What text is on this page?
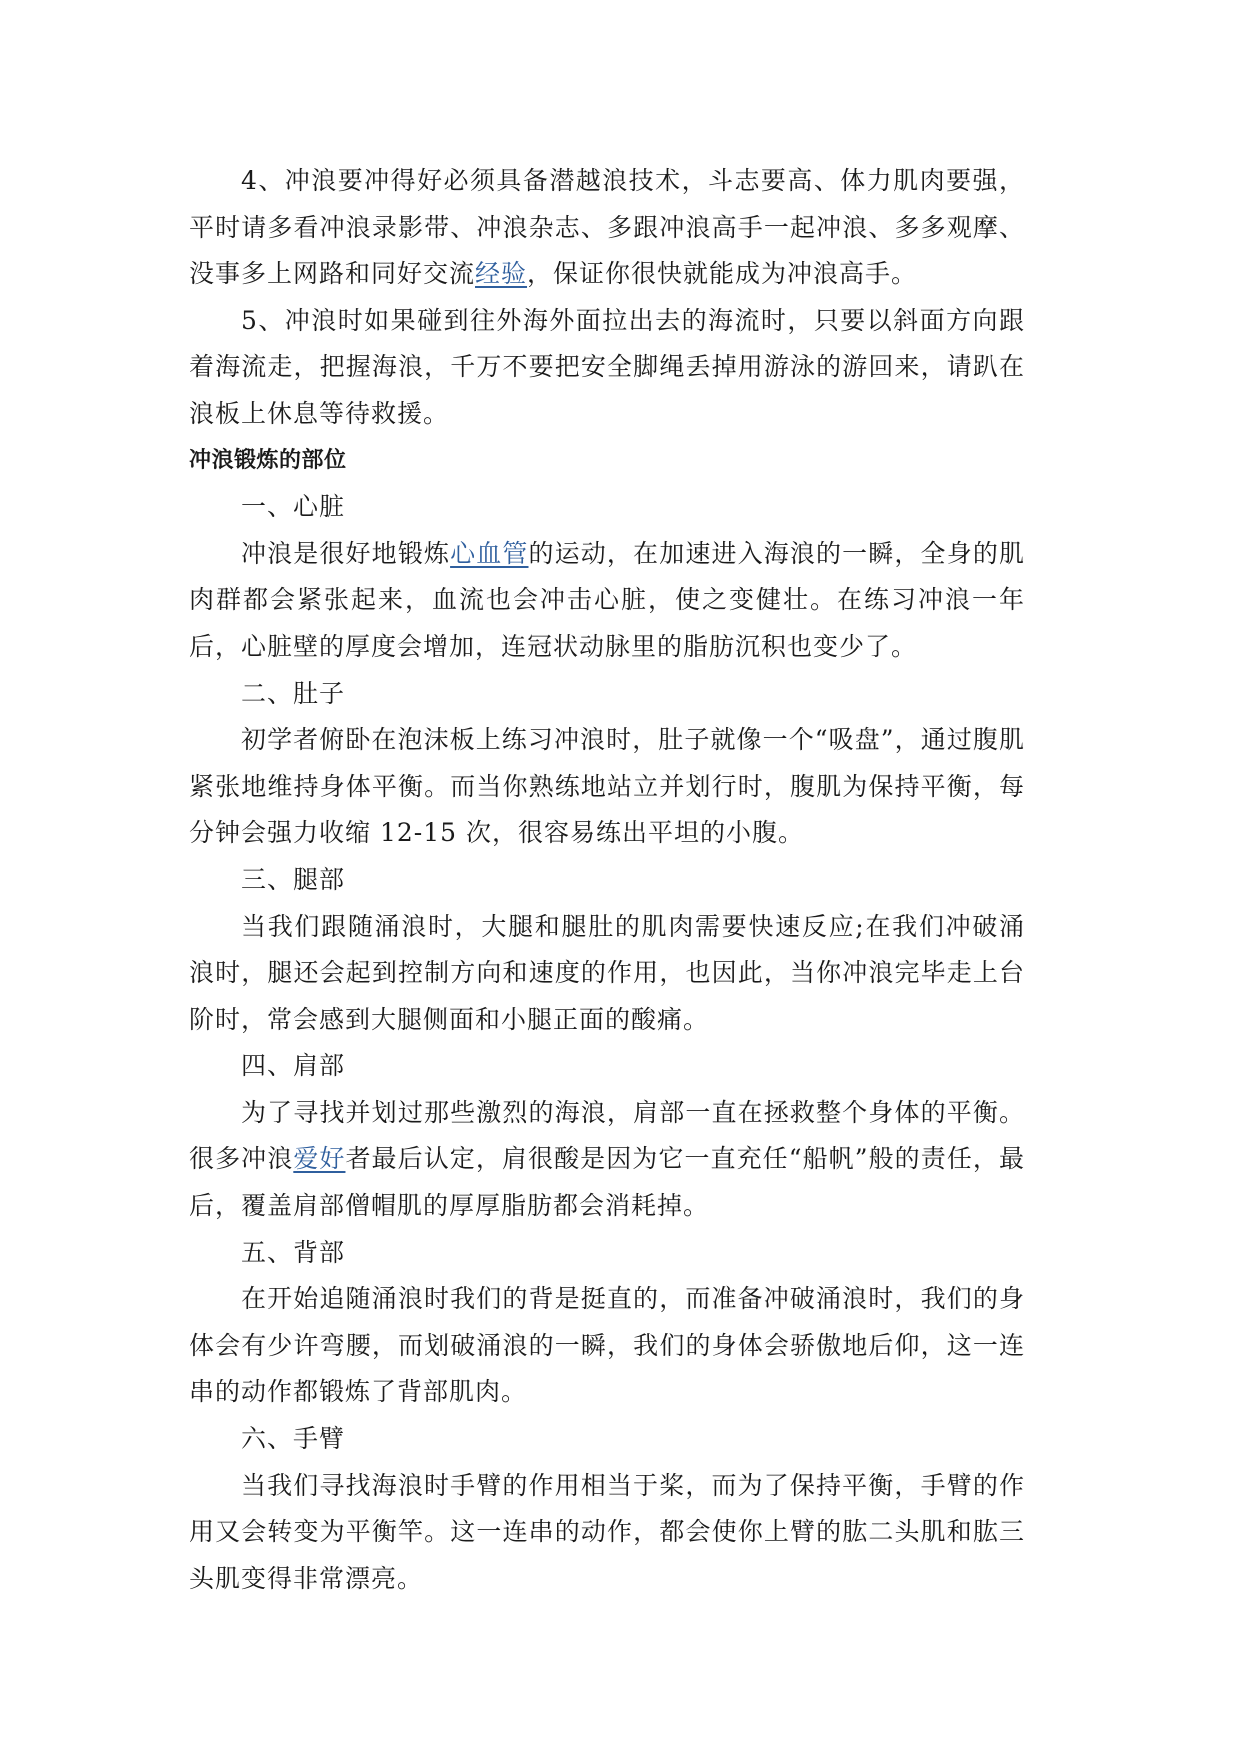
4、冲浪要冲得好必须具备潜越浪技术，斗志要高、体力肌肉要强，平时请多看冲浪录影带、冲浪杂志、多跟冲浪高手一起冲浪、多多观摩、没事多上网路和同好交流经验，保证你很快就能成为冲浪高手。

5、冲浪时如果碰到往外海外面拉出去的海流时，只要以斜面方向跟着海流走，把握海浪，千万不要把安全脚绳丢掉用游泳的游回来，请趴在浪板上休息等待救援。

冲浪锻炼的部位

一、心脏

冲浪是很好地锻炼心血管的运动，在加速进入海浪的一瞬，全身的肌肉群都会紧张起来，血流也会冲击心脏，使之变健壮。在练习冲浪一年后，心脏壁的厚度会增加，连冠状动脉里的脂肪沉积也变少了。

二、肚子

初学者俯卧在泡沫板上练习冲浪时，肚子就像一个“吸盘”，通过腹肌紧张地维持身体平衡。而当你熟练地站立并划行时，腹肌为保持平衡，每分钟会强力收缩 12-15 次，很容易练出平坦的小腹。

三、腿部

当我们跟随涌浪时，大腿和腿肚的肌肉需要快速反应;在我们冲破涌浪时，腿还会起到控制方向和速度的作用，也因此，当你冲浪完毕走上台阶时，常会感到大腿侧面和小腿正面的酸痛。

四、肩部

为了寻找并划过那些激烈的海浪，肩部一直在拯救整个身体的平衡。很多冲浪爱好者最后认定，肩很酸是因为它一直充任“船帆”般的责任，最后，覆盖肩部僧帽肌的厚厚脂肪都会消耗掉。

五、背部

在开始追随涌浪时我们的背是挺直的，而准备冲破涌浪时，我们的身体会有少许弯腰，而划破涌浪的一瞬，我们的身体会骄傲地后仰，这一连串的动作都锻炼了背部肌肉。

六、手臂

当我们寻找海浪时手臂的作用相当于桨，而为了保持平衡，手臂的作用又会转变为平衡竿。这一连串的动作，都会使你上臂的肱二头肌和肱三头肌变得非常漂亮。
